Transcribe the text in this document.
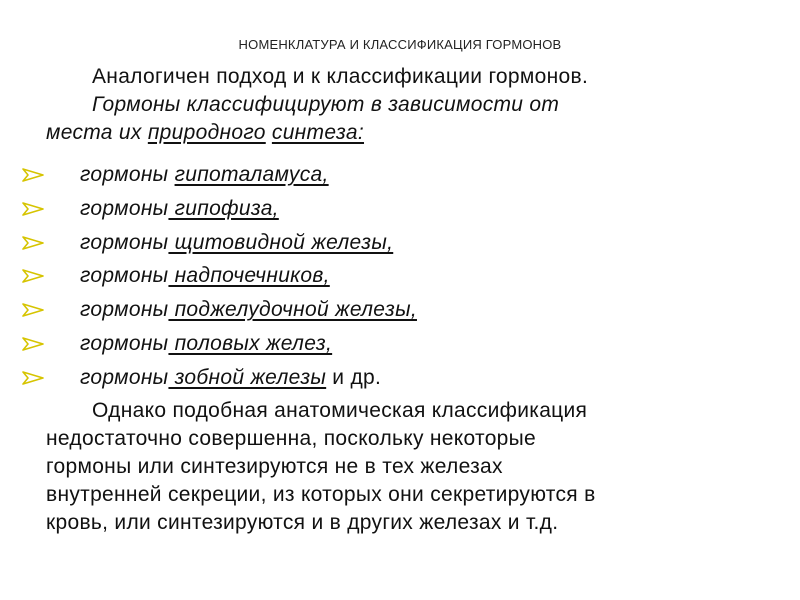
НОМЕНКЛАТУРА И КЛАССИФИКАЦИЯ ГОРМОНОВ
Аналогичен подход и к классификации гормонов.
Гормоны классифицируют в зависимости от
места их природного синтеза:
гормоны гипоталамуса,
гормоны гипофиза,
гормоны щитовидной железы,
гормоны надпочечников,
гормоны поджелудочной железы,
гормоны половых желез,
гормоны зобной железы и др.
Однако подобная анатомическая классификация
недостаточно совершенна, поскольку некоторые
гормоны или синтезируются не в тех железах
внутренней секреции, из которых они секретируются в
кровь, или синтезируются и в других железах и т.д.
